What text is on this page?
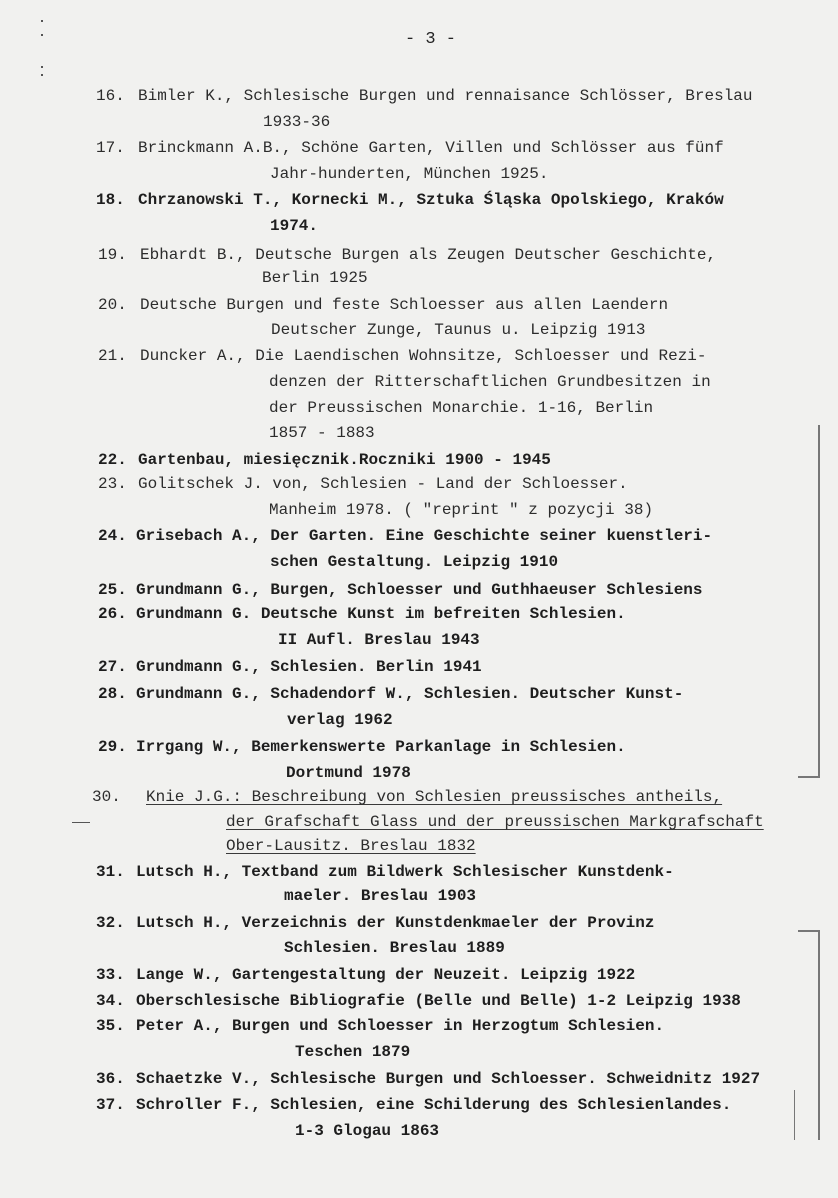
- 3 -
16. Bimler K., Schlesische Burgen und rennaisance Schlösser, Breslau
1933-36
17. Brinckmann A.B., Schöne Garten, Villen und Schlösser aus fünf
Jahr-hunderten, München 1925.
18. Chrzanowski T., Kornecki M., Sztuka Śląska Opolskiego, Kraków
1974.
19. Ebhardt B., Deutsche Burgen als Zeugen Deutscher Geschichte,
Berlin 1925
20. Deutsche Burgen und feste Schloesser aus allen Laendern
Deutscher Zunge, Taunus u. Leipzig 1913
21. Duncker A., Die Laendischen Wohnsitze, Schloesser und Rezi-
denzen der Ritterschaftlichen Grundbesitzen in
der Preussischen Monarchie. 1-16, Berlin
1857 - 1883
22. Gartenbau, miesięcznik.Roczniki 1900 - 1945
23. Golitschek J. von, Schlesien - Land der Schloesser.
Manheim 1978. ( "reprint " z pozycji 38)
24. Grisebach A., Der Garten. Eine Geschichte seiner kuenstleri-
schen Gestaltung. Leipzig 1910
25. Grundmann G., Burgen, Schloesser und Guthhaeuser Schlesiens
26. Grundmann G. Deutsche Kunst im befreiten Schlesien.
II Aufl. Breslau 1943
27. Grundmann G., Schlesien. Berlin 1941
28. Grundmann G., Schadendorf W., Schlesien. Deutscher Kunst-
verlag 1962
29. Irrgang W., Bemerkenswerte Parkanlage in Schlesien.
Dortmund 1978
30. Knie J.G.: Beschreibung von Schlesien preussisches antheils,
der Grafschaft Glass und der preussischen Markgrafschaft
Ober-Lausitz. Breslau 1832
31. Lutsch H., Textband zum Bildwerk Schlesischer Kunstdenk-
maeler. Breslau 1903
32. Lutsch H., Verzeichnis der Kunstdenkmaeler der Provinz
Schlesien. Breslau 1889
33. Lange W., Gartengestaltung der Neuzeit. Leipzig 1922
34. Oberschlesische Bibliografie (Belle und Belle) 1-2 Leipzig 1938
35. Peter A., Burgen und Schloesser in Herzogtum Schlesien.
Teschen 1879
36. Schaetzke V., Schlesische Burgen und Schloesser. Schweidnitz 1927
37. Schroller F., Schlesien, eine Schilderung des Schlesienlandes.
1-3 Glogau 1863
